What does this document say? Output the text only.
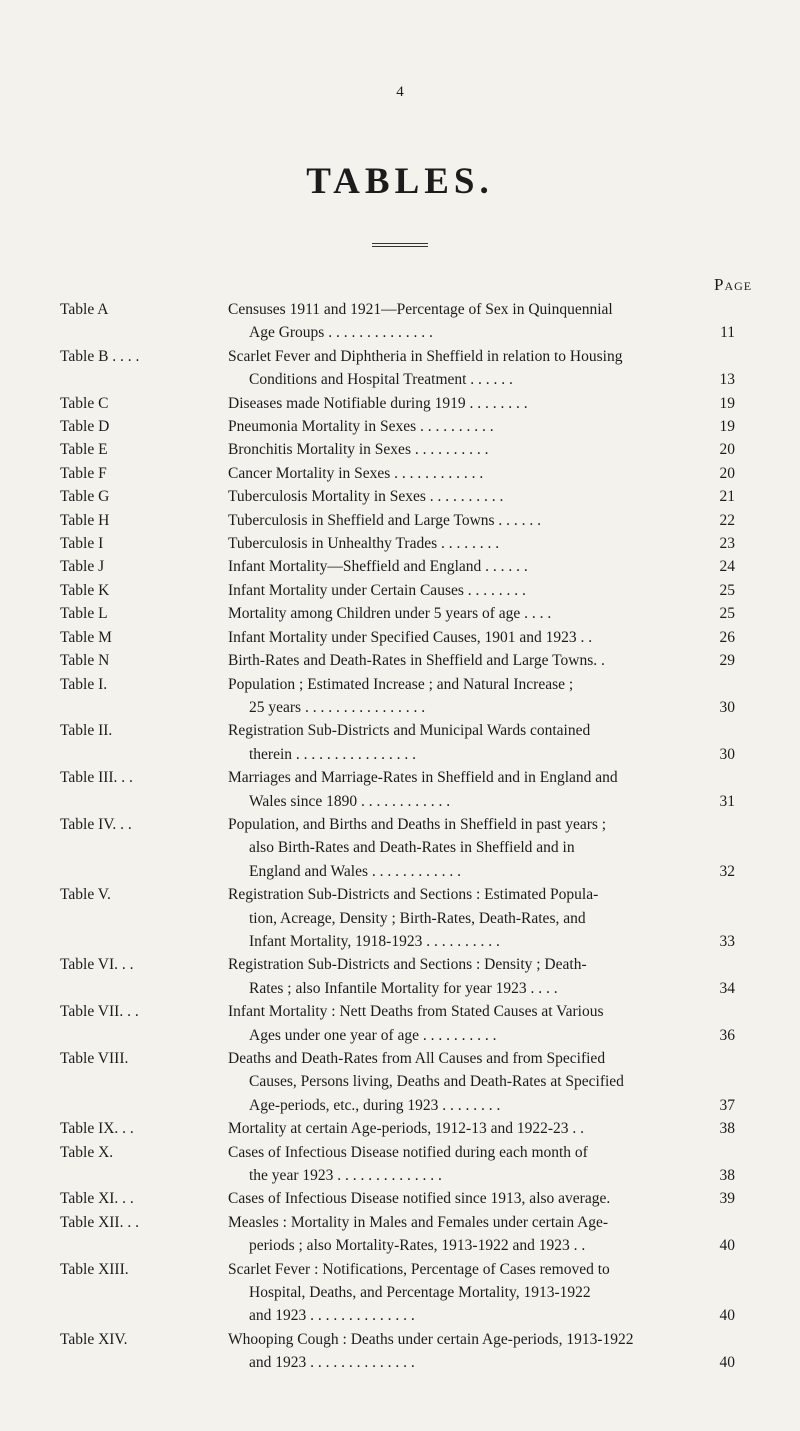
4
TABLES.
Page
Table A	Censuses 1911 and 1921—Percentage of Sex in Quinquennial
Age Groups . . . . . . . . . . . . . .	11
Table B . . . .	Scarlet Fever and Diphtheria in Sheffield in relation to Housing
Conditions and Hospital Treatment . . . . . .	13
Table C	Diseases made Notifiable during 1919 . . . . . . . .	19
Table D	Pneumonia Mortality in Sexes . . . . . . . . . .	19
Table E	Bronchitis Mortality in Sexes . . . . . . . . . .	20
Table F	Cancer Mortality in Sexes . . . . . . . . . . . .	20
Table G	Tuberculosis Mortality in Sexes . . . . . . . . . .	21
Table H	Tuberculosis in Sheffield and Large Towns . . . . . .	22
Table I	Tuberculosis in Unhealthy Trades . . . . . . . .	23
Table J	Infant Mortality—Sheffield and England . . . . . .	24
Table K	Infant Mortality under Certain Causes . . . . . . . .	25
Table L	Mortality among Children under 5 years of age . . . .	25
Table M	Infant Mortality under Specified Causes, 1901 and 1923 . .	26
Table N	Birth-Rates and Death-Rates in Sheffield and Large Towns. .	29
Table I.	Population ; Estimated Increase ; and Natural Increase ;
25 years . . . . . . . . . . . . . . . .	30
Table II.	Registration Sub-Districts and Municipal Wards contained
therein . . . . . . . . . . . . . . . .	30
Table III. . .	Marriages and Marriage-Rates in Sheffield and in England and
Wales since 1890 . . . . . . . . . . . .	31
Table IV. . .	Population, and Births and Deaths in Sheffield in past years ;
also Birth-Rates and Death-Rates in Sheffield and in
England and Wales . . . . . . . . . . . .	32
Table V.	Registration Sub-Districts and Sections : Estimated Popula-
tion, Acreage, Density ; Birth-Rates, Death-Rates, and
Infant Mortality, 1918-1923 . . . . . . . . . .	33
Table VI. . .	Registration Sub-Districts and Sections : Density ; Death-
Rates ; also Infantile Mortality for year 1923 . . . .	34
Table VII. . .	Infant Mortality : Nett Deaths from Stated Causes at Various
Ages under one year of age . . . . . . . . . .	36
Table VIII.	Deaths and Death-Rates from All Causes and from Specified
Causes, Persons living, Deaths and Death-Rates at Specified
Age-periods, etc., during 1923 . . . . . . . .	37
Table IX. . .	Mortality at certain Age-periods, 1912-13 and 1922-23 . .	38
Table X.	Cases of Infectious Disease notified during each month of
the year 1923 . . . . . . . . . . . . . .	38
Table XI. . .	Cases of Infectious Disease notified since 1913, also average.	39
Table XII. . .	Measles : Mortality in Males and Females under certain Age-
periods ; also Mortality-Rates, 1913-1922 and 1923 . .	40
Table XIII.	Scarlet Fever : Notifications, Percentage of Cases removed to
Hospital, Deaths, and Percentage Mortality, 1913-1922
and 1923 . . . . . . . . . . . . . .	40
Table XIV.	Whooping Cough : Deaths under certain Age-periods, 1913-1922
and 1923 . . . . . . . . . . . . . .	40
